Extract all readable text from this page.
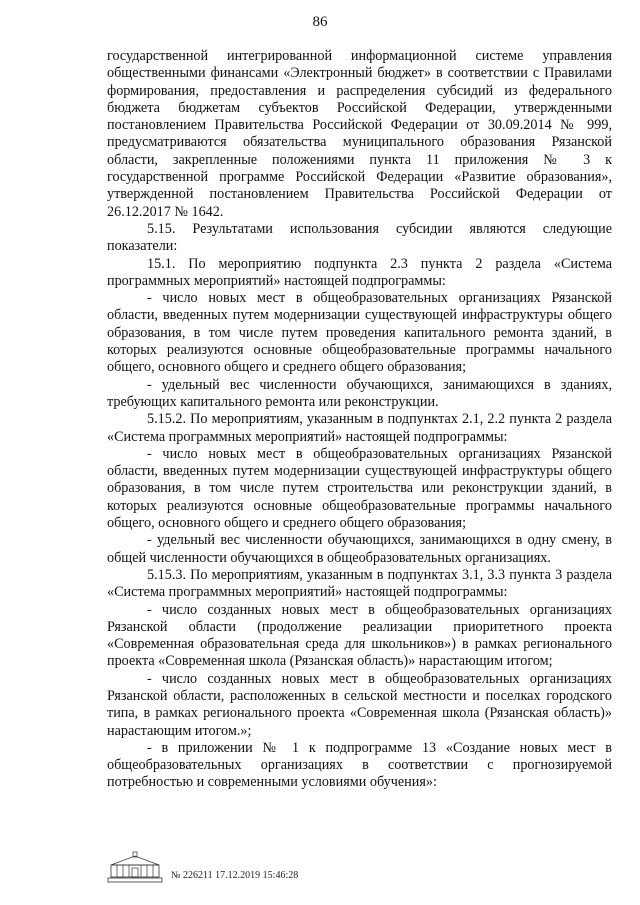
86

государственной интегрированной информационной системе управления общественными финансами «Электронный бюджет» в соответствии с Правилами формирования, предоставления и распределения субсидий из федерального бюджета бюджетам субъектов Российской Федерации, утвержденными постановлением Правительства Российской Федерации от 30.09.2014 № 999, предусматриваются обязательства муниципального образования Рязанской области, закрепленные положениями пункта 11 приложения № 3 к государственной программе Российской Федерации «Развитие образования», утвержденной постановлением Правительства Российской Федерации от 26.12.2017 № 1642.

5.15. Результатами использования субсидии являются следующие показатели:

15.1. По мероприятию подпункта 2.3 пункта 2 раздела «Система программных мероприятий» настоящей подпрограммы:

- число новых мест в общеобразовательных организациях Рязанской области, введенных путем модернизации существующей инфраструктуры общего образования, в том числе путем проведения капитального ремонта зданий, в которых реализуются основные общеобразовательные программы начального общего, основного общего и среднего общего образования;

- удельный вес численности обучающихся, занимающихся в зданиях, требующих капитального ремонта или реконструкции.

5.15.2. По мероприятиям, указанным в подпунктах 2.1, 2.2 пункта 2 раздела «Система программных мероприятий» настоящей подпрограммы:

- число новых мест в общеобразовательных организациях Рязанской области, введенных путем модернизации существующей инфраструктуры общего образования, в том числе путем строительства или реконструкции зданий, в которых реализуются основные общеобразовательные программы начального общего, основного общего и среднего общего образования;

- удельный вес численности обучающихся, занимающихся в одну смену, в общей численности обучающихся в общеобразовательных организациях.

5.15.3. По мероприятиям, указанным в подпунктах 3.1, 3.3 пункта 3 раздела «Система программных мероприятий» настоящей подпрограммы:

- число созданных новых мест в общеобразовательных организациях Рязанской области (продолжение реализации приоритетного проекта «Современная образовательная среда для школьников») в рамках регионального проекта «Современная школа (Рязанская область)» нарастающим итогом;

- число созданных новых мест в общеобразовательных организациях Рязанской области, расположенных в сельской местности и поселках городского типа, в рамках регионального проекта «Современная школа (Рязанская область)» нарастающим итогом.»;

- в приложении № 1 к подпрограмме 13 «Создание новых мест в общеобразовательных организациях в соответствии с прогнозируемой потребностью и современными условиями обучения»:

№ 226211 17.12.2019 15:46:28
